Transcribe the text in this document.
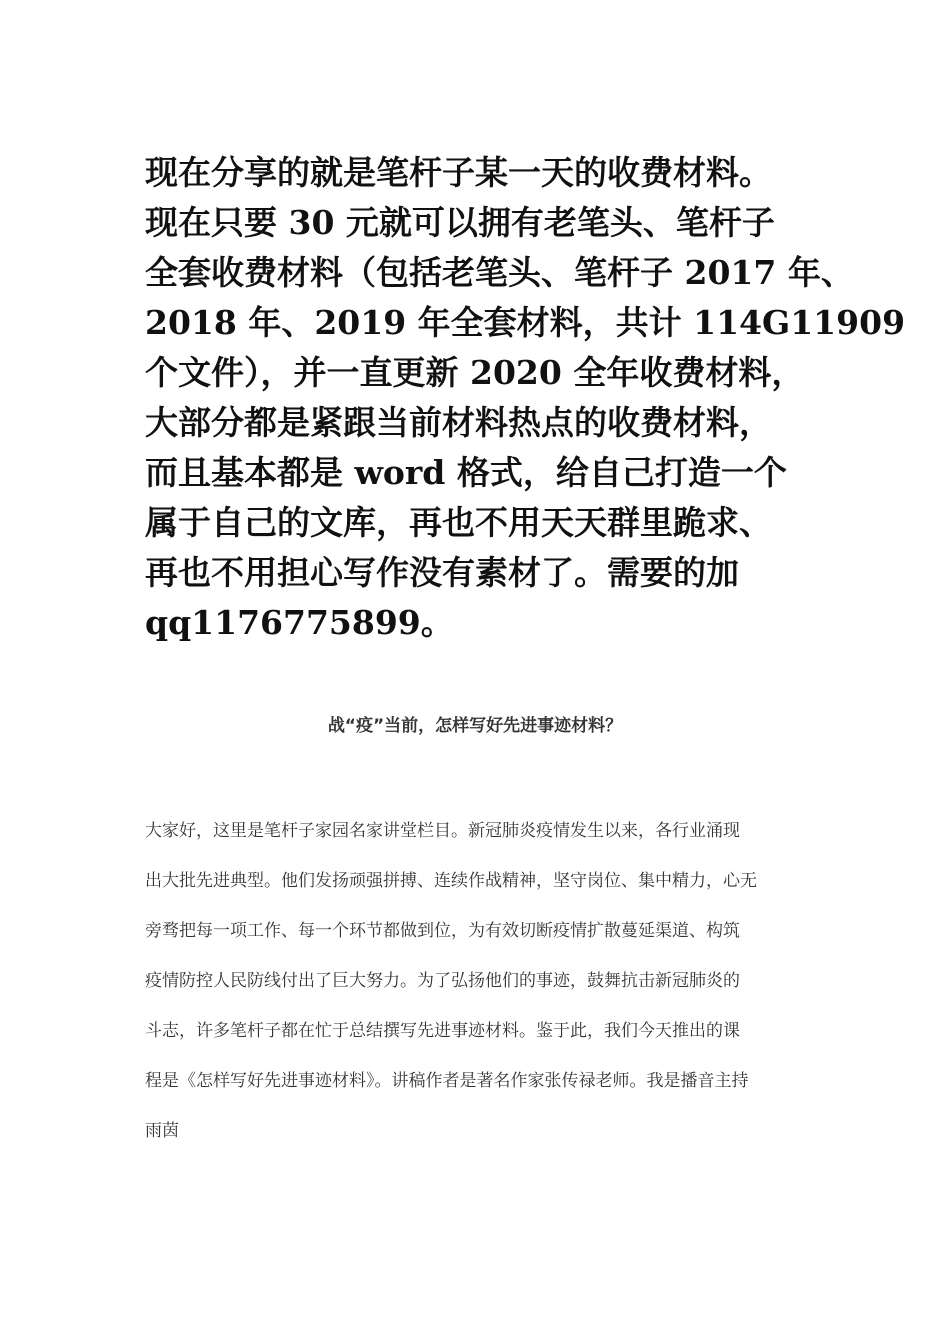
现在分享的就是笔杆子某一天的收费材料。
现在只要 30 元就可以拥有老笔头、笔杆子
全套收费材料（包括老笔头、笔杆子 2017 年、
2018 年、2019 年全套材料，共计 114G11909
个文件），并一直更新 2020 全年收费材料，
大部分都是紧跟当前材料热点的收费材料，
而且基本都是 word 格式，给自己打造一个
属于自己的文库，再也不用天天群里跪求、
再也不用担心写作没有素材了。需要的加
qq1176775899。
战“疫”当前，怎样写好先进事迹材料？
大家好，这里是笔杆子家园名家讲堂栏目。新冠肺炎疫情发生以来，各行业涌现
出大批先进典型。他们发扬顽强拼搏、连续作战精神，坚守岗位、集中精力，心无
旁骛把每一项工作、每一个环节都做到位，为有效切断疫情扩散蔓延渠道、构筑
疫情防控人民防线付出了巨大努力。为了弘扬他们的事迹，鼓舞抗击新冠肺炎的
斗志，许多笔杆子都在忙于总结撰写先进事迹材料。鉴于此，我们今天推出的课
程是《怎样写好先进事迹材料》。讲稿作者是著名作家张传禄老师。我是播音主持
雨茵
